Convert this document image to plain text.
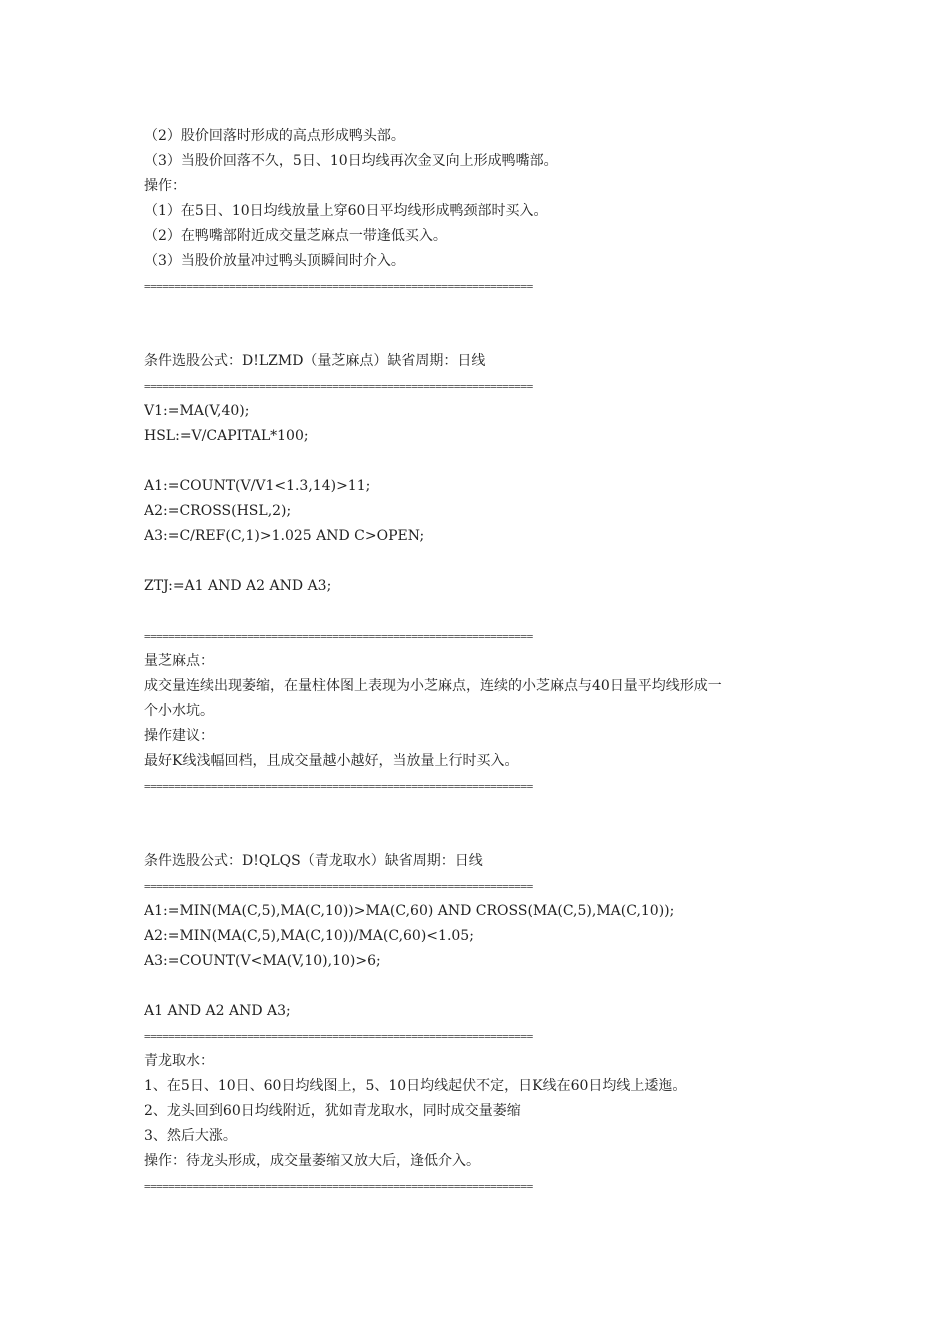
（2）股价回落时形成的高点形成鸭头部。
（3）当股价回落不久，5日、10日均线再次金叉向上形成鸭嘴部。
操作：
（1）在5日、10日均线放量上穿60日平均线形成鸭颈部时买入。
（2）在鸭嘴部附近成交量芝麻点一带逢低买入。
（3）当股价放量冲过鸭头顶瞬间时介入。
================================================================
条件选股公式：D!LZMD（量芝麻点）缺省周期：日线
================================================================
V1:=MA(V,40);
HSL:=V/CAPITAL*100;
A1:=COUNT(V/V1<1.3,14)>11;
A2:=CROSS(HSL,2);
A3:=C/REF(C,1)>1.025 AND C>OPEN;
ZTJ:=A1 AND A2 AND A3;
================================================================
量芝麻点：
成交量连续出现萎缩，在量柱体图上表现为小芝麻点，连续的小芝麻点与40日量平均线形成一
个小水坑。
操作建议：
最好K线浅幅回档，且成交量越小越好，当放量上行时买入。
================================================================
条件选股公式：D!QLQS（青龙取水）缺省周期：日线
================================================================
A1:=MIN(MA(C,5),MA(C,10))>MA(C,60) AND CROSS(MA(C,5),MA(C,10));
A2:=MIN(MA(C,5),MA(C,10))/MA(C,60)<1.05;
A3:=COUNT(V<MA(V,10),10)>6;
A1 AND A2 AND A3;
================================================================
青龙取水：
1、在5日、10日、60日均线图上，5、10日均线起伏不定，日K线在60日均线上逶迤。
2、龙头回到60日均线附近，犹如青龙取水，同时成交量萎缩
3、然后大涨。
操作：待龙头形成，成交量萎缩又放大后，逢低介入。
================================================================
